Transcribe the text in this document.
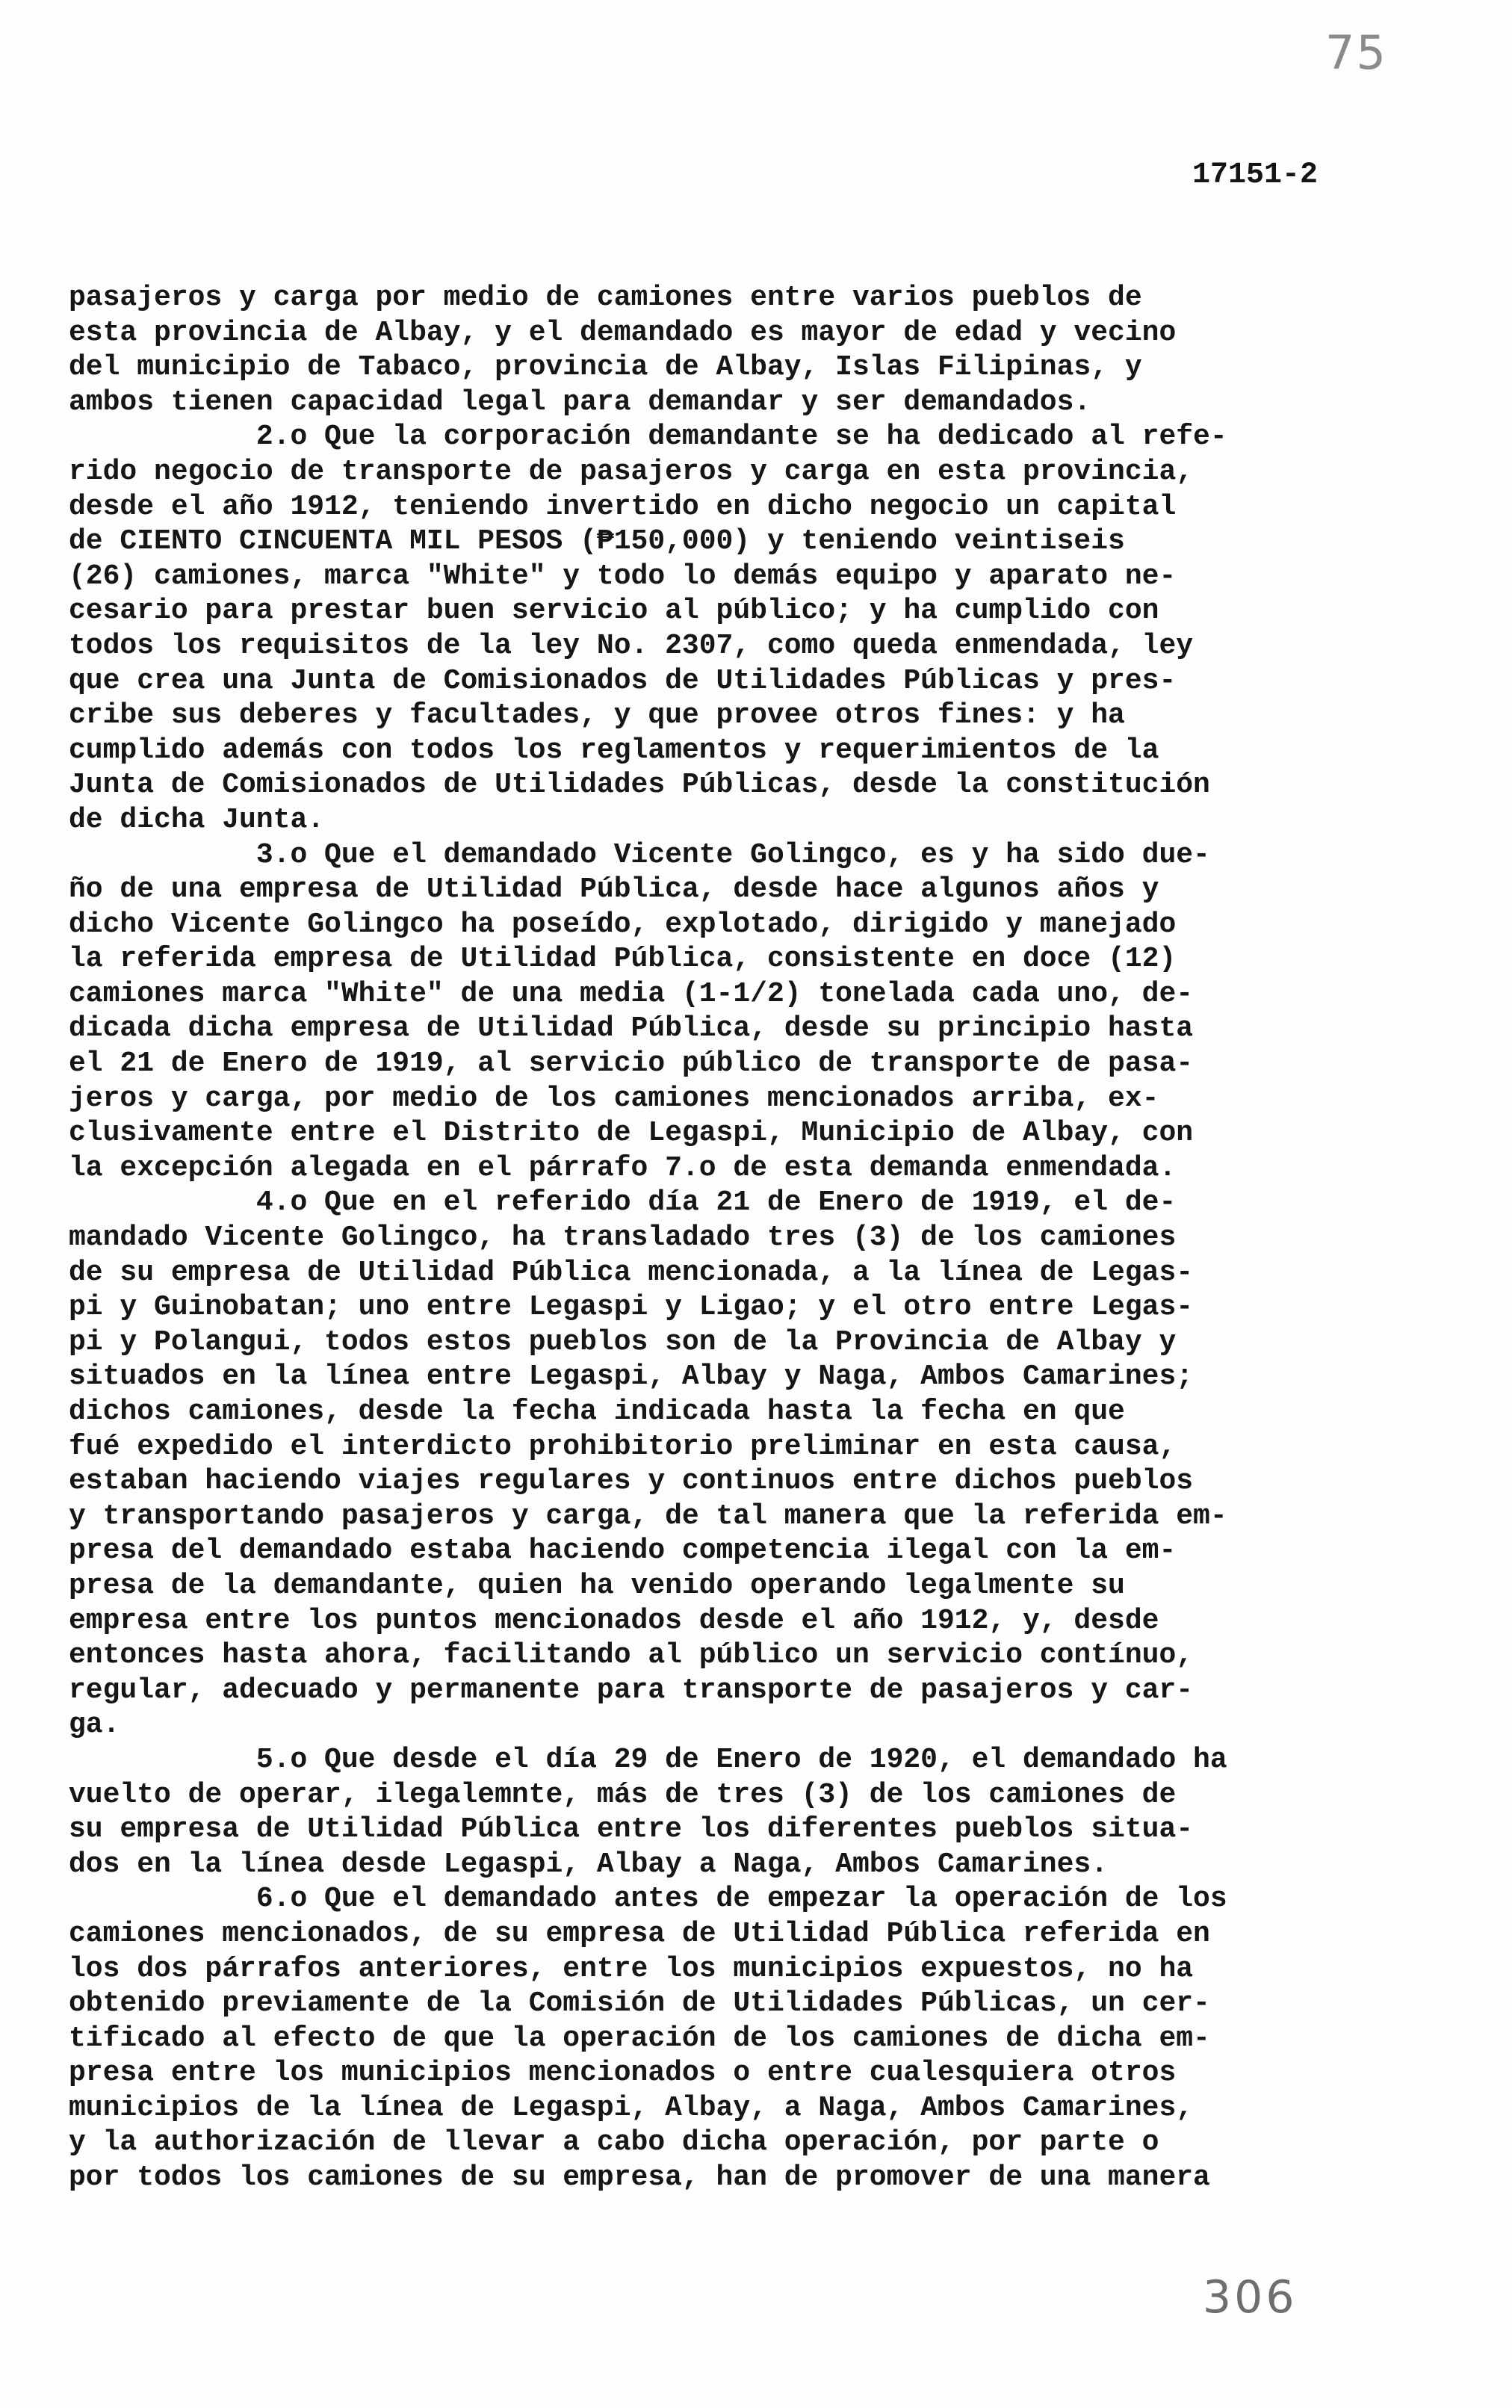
75
17151-2
pasajeros y carga por medio de camiones entre varios pueblos de
esta provincia de Albay, y el demandado es mayor de edad y vecino
del municipio de Tabaco, provincia de Albay, Islas Filipinas, y
ambos tienen capacidad legal para demandar y ser demandados.
2.o Que la corporación demandante se ha dedicado al refe-
rido negocio de transporte de pasajeros y carga en esta provincia,
desde el año 1912, teniendo invertido en dicho negocio un capital
de CIENTO CINCUENTA MIL PESOS (₱150,000) y teniendo veintiseis
(26) camiones, marca "White" y todo lo demás equipo y aparato ne-
cesario para prestar buen servicio al público; y ha cumplido con
todos los requisitos de la ley No. 2307, como queda enmendada, ley
que crea una Junta de Comisionados de Utilidades Públicas y pres-
cribe sus deberes y facultades, y que provee otros fines: y ha
cumplido además con todos los reglamentos y requerimientos de la
Junta de Comisionados de Utilidades Públicas, desde la constitución
de dicha Junta.
3.o Que el demandado Vicente Golingco, es y ha sido due-
ño de una empresa de Utilidad Pública, desde hace algunos años y
dicho Vicente Golingco ha poseído, explotado, dirigido y manejado
la referida empresa de Utilidad Pública, consistente en doce (12)
camiones marca "White" de una media (1-1/2) tonelada cada uno, de-
dicada dicha empresa de Utilidad Pública, desde su principio hasta
el 21 de Enero de 1919, al servicio público de transporte de pasa-
jeros y carga, por medio de los camiones mencionados arriba, ex-
clusivamente entre el Distrito de Legaspi, Municipio de Albay, con
la excepción alegada en el párrafo 7.o de esta demanda enmendada.
4.o Que en el referido día 21 de Enero de 1919, el de-
mandado Vicente Golingco, ha transladado tres (3) de los camiones
de su empresa de Utilidad Pública mencionada, a la línea de Legas-
pi y Guinobatan; uno entre Legaspi y Ligao; y el otro entre Legas-
pi y Polangui, todos estos pueblos son de la Provincia de Albay y
situados en la línea entre Legaspi, Albay y Naga, Ambos Camarines;
dichos camiones, desde la fecha indicada hasta la fecha en que
fué expedido el interdicto prohibitorio preliminar en esta causa,
estaban haciendo viajes regulares y continuos entre dichos pueblos
y transportando pasajeros y carga, de tal manera que la referida em-
presa del demandado estaba haciendo competencia ilegal con la em-
presa de la demandante, quien ha venido operando legalmente su
empresa entre los puntos mencionados desde el año 1912, y, desde
entonces hasta ahora, facilitando al público un servicio contínuo,
regular, adecuado y permanente para transporte de pasajeros y car-
ga.
5.o Que desde el día 29 de Enero de 1920, el demandado ha
vuelto de operar, ilegalemnte, más de tres (3) de los camiones de
su empresa de Utilidad Pública entre los diferentes pueblos situa-
dos en la línea desde Legaspi, Albay a Naga, Ambos Camarines.
6.o Que el demandado antes de empezar la operación de los
camiones mencionados, de su empresa de Utilidad Pública referida en
los dos párrafos anteriores, entre los municipios expuestos, no ha
obtenido previamente de la Comisión de Utilidades Públicas, un cer-
tificado al efecto de que la operación de los camiones de dicha em-
presa entre los municipios mencionados o entre cualesquiera otros
municipios de la línea de Legaspi, Albay, a Naga, Ambos Camarines,
y la authorización de llevar a cabo dicha operación, por parte o
por todos los camiones de su empresa, han de promover de una manera
306
